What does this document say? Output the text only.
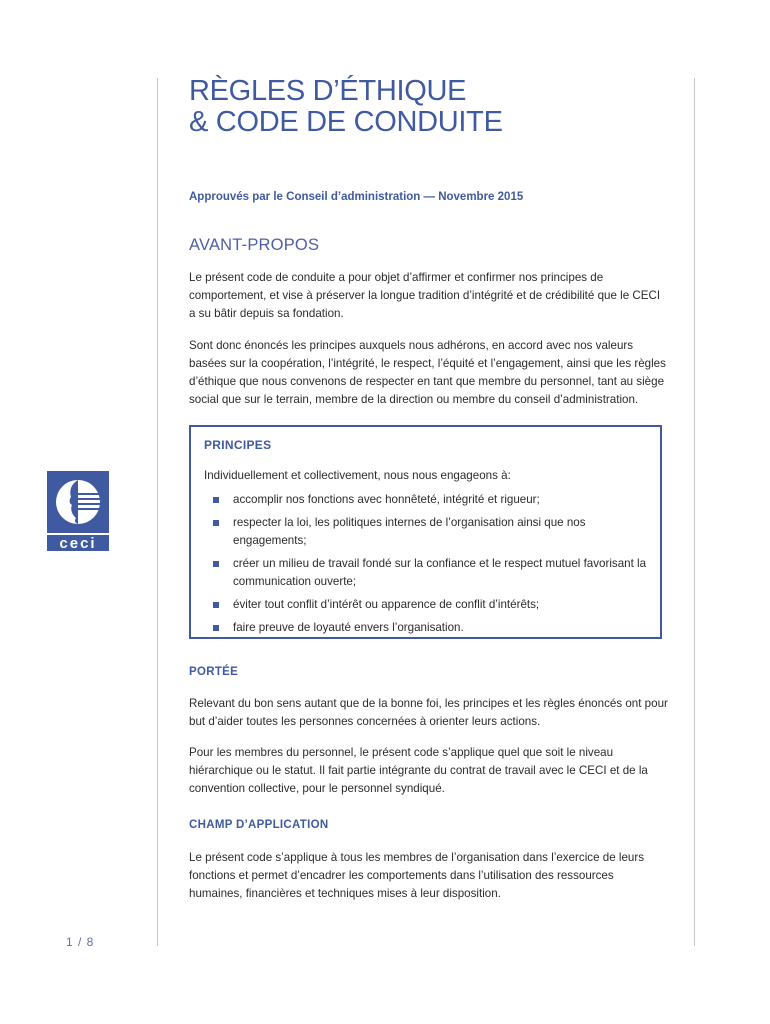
RÈGLES D’ÉTHIQUE
& CODE DE CONDUITE
Approuvés par le Conseil d’administration — Novembre 2015
AVANT-PROPOS

Le présent code de conduite a pour objet d’affirmer et confirmer nos principes de comportement, et vise à préserver la longue tradition d’intégrité et de crédibilité que le CECI a su bâtir depuis sa fondation.

Sont donc énoncés les principes auxquels nous adhérons, en accord avec nos valeurs basées sur la coopération, l’intégrité, le respect, l’équité et l’engagement, ainsi que les règles d’éthique que nous convenons de respecter en tant que membre du personnel, tant au siège social que sur le terrain, membre de la direction ou membre du conseil d’administration.

PRINCIPES
Individuellement et collectivement, nous nous engageons à:
accomplir nos fonctions avec honnêteté, intégrité et rigueur;
respecter la loi, les politiques internes de l’organisation ainsi que nos engagements;
créer un milieu de travail fondé sur la confiance et le respect mutuel favorisant la communication ouverte;
éviter tout conflit d’intérêt ou apparence de conflit d’intérêts;
faire preuve de loyauté envers l’organisation.
PORTÉE

Relevant du bon sens autant que de la bonne foi, les principes et les règles énoncés ont pour but d’aider toutes les personnes concernées à orienter leurs actions.

Pour les membres du personnel, le présent code s’applique quel que soit le niveau hiérarchique ou le statut. Il fait partie intégrante du contrat de travail avec le CECI et de la convention collective, pour le personnel syndiqué.

CHAMP D’APPLICATION

Le présent code s’applique à tous les membres de l’organisation dans l’exercice de leurs fonctions et permet d’encadrer les comportements dans l’utilisation des ressources humaines, financières et techniques mises à leur disposition.

ceci
1 / 8
